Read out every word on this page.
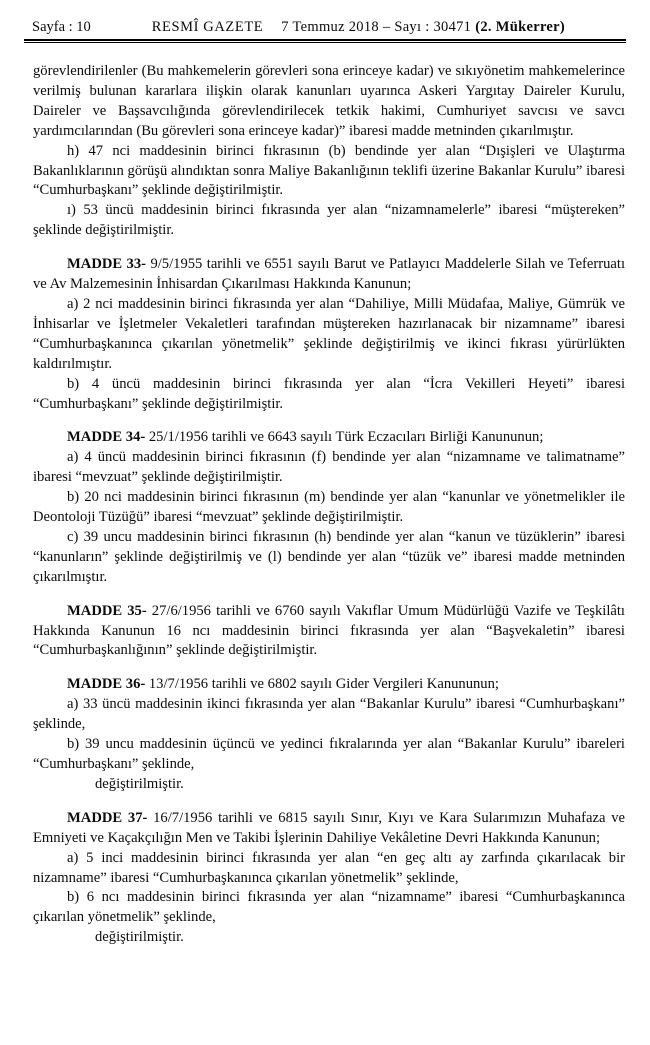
Sayfa : 10	RESMÎ GAZETE 7 Temmuz 2018 – Sayı : 30471 (2. Mükerrer)

görevlendirilenler (Bu mahkemelerin görevleri sona erinceye kadar) ve sıkıyönetim mahkemelerince verilmiş bulunan kararlara ilişkin olarak kanunları uyarınca Askeri Yargıtay Daireler Kurulu, Daireler ve Başsavcılığında görevlendirilecek tetkik hakimi, Cumhuriyet savcısı ve savcı yardımcılarından (Bu görevleri sona erinceye kadar)” ibaresi madde metninden çıkarılmıştır.

h) 47 nci maddesinin birinci fıkrasının (b) bendinde yer alan “Dışişleri ve Ulaştırma Bakanlıklarının görüşü alındıktan sonra Maliye Bakanlığının teklifi üzerine Bakanlar Kurulu” ibaresi “Cumhurbaşkanı” şeklinde değiştirilmiştir.

ı) 53 üncü maddesinin birinci fıkrasında yer alan “nizamnamelerle” ibaresi “müştereken” şeklinde değiştirilmiştir.

MADDE 33- 9/5/1955 tarihli ve 6551 sayılı Barut ve Patlayıcı Maddelerle Silah ve Teferruatı ve Av Malzemesinin İnhisardan Çıkarılması Hakkında Kanunun;

a) 2 nci maddesinin birinci fıkrasında yer alan “Dahiliye, Milli Müdafaa, Maliye, Gümrük ve İnhisarlar ve İşletmeler Vekaletleri tarafından müştereken hazırlanacak bir nizamname” ibaresi “Cumhurbaşkanınca çıkarılan yönetmelik” şeklinde değiştirilmiş ve ikinci fıkrası yürürlükten kaldırılmıştır.

b) 4 üncü maddesinin birinci fıkrasında yer alan “İcra Vekilleri Heyeti” ibaresi “Cumhurbaşkanı” şeklinde değiştirilmiştir.

MADDE 34- 25/1/1956 tarihli ve 6643 sayılı Türk Eczacıları Birliği Kanununun;

a) 4 üncü maddesinin birinci fıkrasının (f) bendinde yer alan “nizamname ve talimatname” ibaresi “mevzuat” şeklinde değiştirilmiştir.

b) 20 nci maddesinin birinci fıkrasının (m) bendinde yer alan “kanunlar ve yönetmelikler ile Deontoloji Tüzüğü” ibaresi “mevzuat” şeklinde değiştirilmiştir.

c) 39 uncu maddesinin birinci fıkrasının (h) bendinde yer alan “kanun ve tüzüklerin” ibaresi “kanunların” şeklinde değiştirilmiş ve (l) bendinde yer alan “tüzük ve” ibaresi madde metninden çıkarılmıştır.

MADDE 35- 27/6/1956 tarihli ve 6760 sayılı Vakıflar Umum Müdürlüğü Vazife ve Teşkilâtı Hakkında Kanunun 16 ncı maddesinin birinci fıkrasında yer alan “Başvekaletin” ibaresi “Cumhurbaşkanlığının” şeklinde değiştirilmiştir.

MADDE 36- 13/7/1956 tarihli ve 6802 sayılı Gider Vergileri Kanununun;

a) 33 üncü maddesinin ikinci fıkrasında yer alan “Bakanlar Kurulu” ibaresi “Cumhurbaşkanı” şeklinde,

b) 39 uncu maddesinin üçüncü ve yedinci fıkralarında yer alan “Bakanlar Kurulu” ibareleri “Cumhurbaşkanı” şeklinde,

değiştirilmiştir.

MADDE 37- 16/7/1956 tarihli ve 6815 sayılı Sınır, Kıyı ve Kara Sularımızın Muhafaza ve Emniyeti ve Kaçakçılığın Men ve Takibi İşlerinin Dahiliye Vekâletine Devri Hakkında Kanunun;

a) 5 inci maddesinin birinci fıkrasında yer alan “en geç altı ay zarfında çıkarılacak bir nizamname” ibaresi “Cumhurbaşkanınca çıkarılan yönetmelik” şeklinde,

b) 6 ncı maddesinin birinci fıkrasında yer alan “nizamname” ibaresi “Cumhurbaşkanınca çıkarılan yönetmelik” şeklinde,

değiştirilmiştir.
